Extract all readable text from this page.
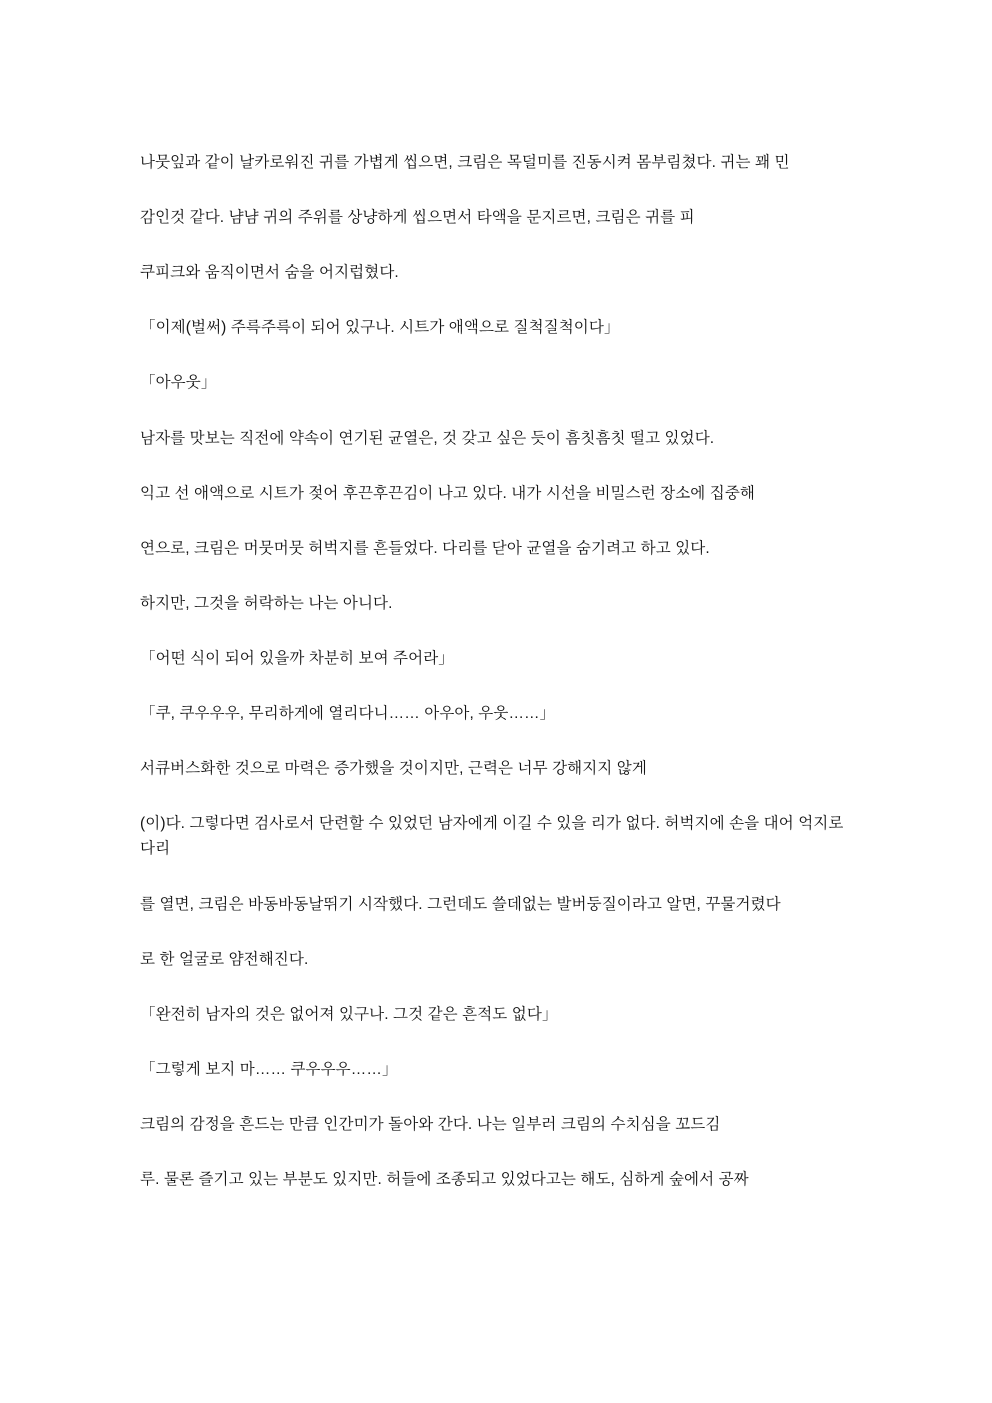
나뭇잎과 같이 날카로워진 귀를 가볍게 씹으면, 크림은 목덜미를 진동시켜 몸부림쳤다. 귀는 꽤 민

감인것 같다. 냠냠 귀의 주위를 상냥하게 씹으면서 타액을 문지르면, 크림은 귀를 피

쿠피크와 움직이면서 숨을 어지럽혔다.

「이제(벌써) 주륵주륵이 되어 있구나. 시트가 애액으로 질척질척이다」

「아우웃」

남자를 맛보는 직전에 약속이 연기된 균열은, 것 갖고 싶은 듯이 흠칫흠칫 떨고 있었다.

익고 선 애액으로 시트가 젖어 후끈후끈김이 나고 있다. 내가 시선을 비밀스런 장소에 집중해

연으로, 크림은 머뭇머뭇 허벅지를 흔들었다. 다리를 닫아 균열을 숨기려고 하고 있다.

하지만, 그것을 허락하는 나는 아니다.

「어떤 식이 되어 있을까 차분히 보여 주어라」

「쿠, 쿠우우우, 무리하게에 열리다니…… 아우아, 우웃……」

서큐버스화한 것으로 마력은 증가했을 것이지만, 근력은 너무 강해지지 않게

(이)다. 그렇다면 검사로서 단련할 수 있었던 남자에게 이길 수 있을 리가 없다. 허벅지에 손을 대어 억지로 다리

를 열면, 크림은 바동바동날뛰기 시작했다. 그런데도 쓸데없는 발버둥질이라고 알면, 꾸물거렸다

로 한 얼굴로 얌전해진다.

「완전히 남자의 것은 없어져 있구나. 그것 같은 흔적도 없다」

「그렇게 보지 마…… 쿠우우우……」

크림의 감정을 흔드는 만큼 인간미가 돌아와 간다. 나는 일부러 크림의 수치심을 꼬드김

루. 물론 즐기고 있는 부분도 있지만. 허들에 조종되고 있었다고는 해도, 심하게 숲에서 공짜
